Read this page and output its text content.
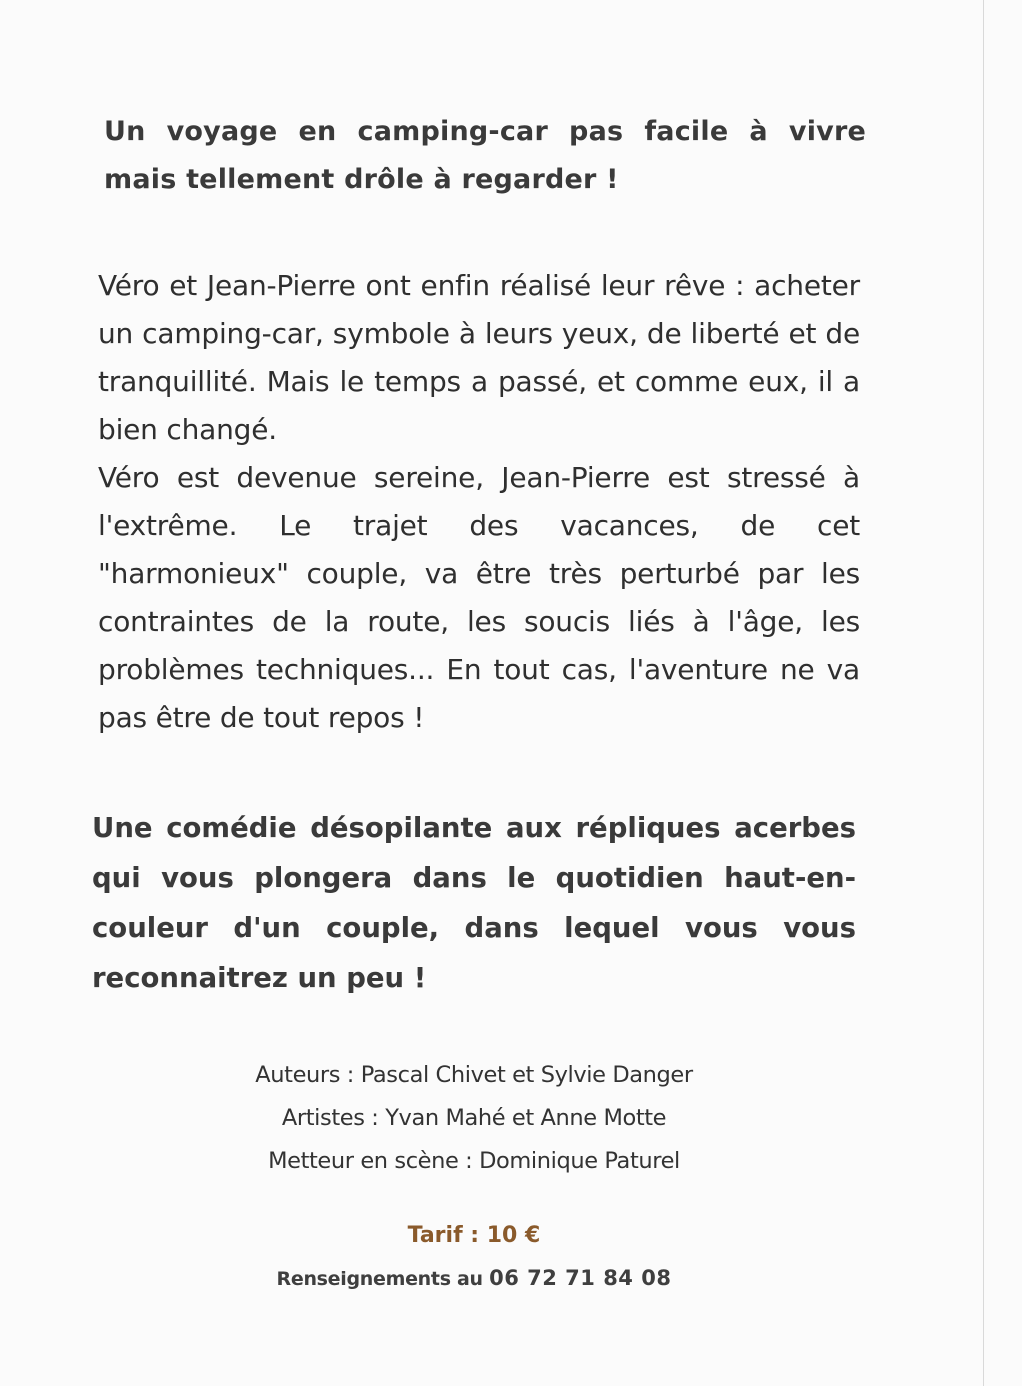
Un voyage en camping-car pas facile à vivre mais tellement drôle à regarder !

Véro et Jean-Pierre ont enfin réalisé leur rêve : acheter un camping-car, symbole à leurs yeux, de liberté et de tranquillité. Mais le temps a passé, et comme eux, il a bien changé.

Véro est devenue sereine, Jean-Pierre est stressé à l'extrême. Le trajet des vacances, de cet "harmonieux" couple, va être très perturbé par les contraintes de la route, les soucis liés à l'âge, les problèmes techniques... En tout cas, l'aventure ne va pas être de tout repos !

Une comédie désopilante aux répliques acerbes qui vous plongera dans le quotidien haut-en-couleur d'un couple, dans lequel vous vous reconnaitrez un peu !
Auteurs : Pascal Chivet et Sylvie Danger
Artistes : Yvan Mahé et Anne Motte
Metteur en scène : Dominique Paturel
Tarif : 10 €
Renseignements au 06 72 71 84 08
